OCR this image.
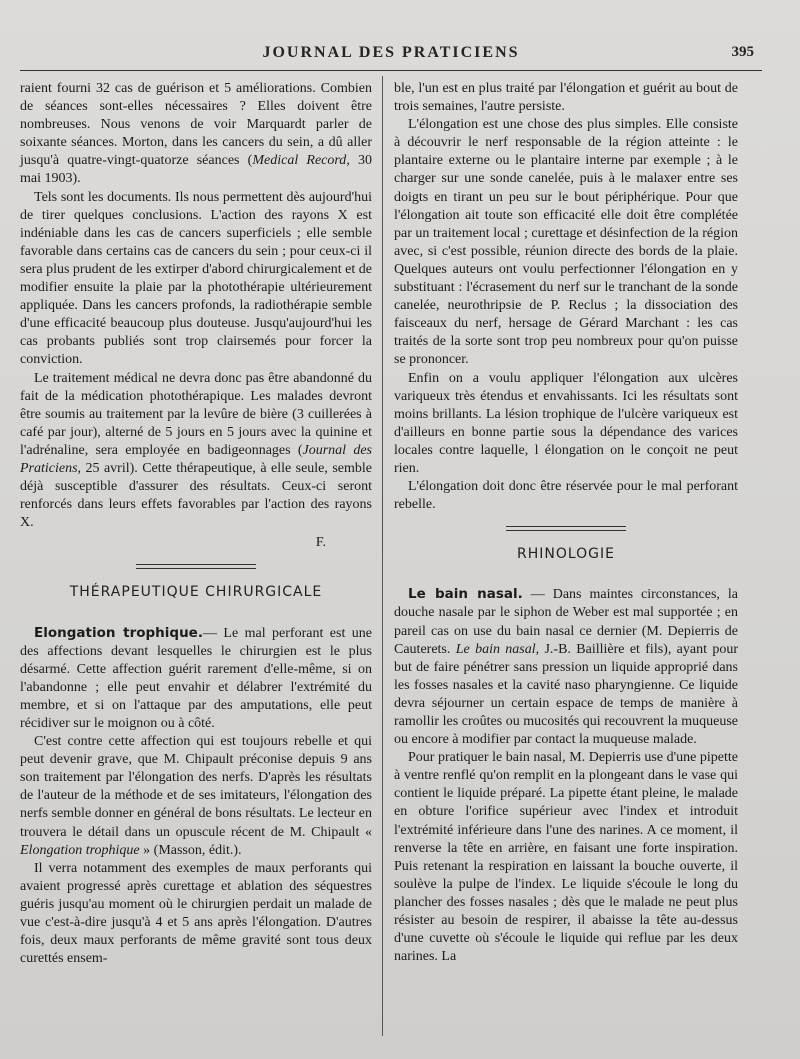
JOURNAL DES PRATICIENS	395

raient fourni 32 cas de guérison et 5 améliorations. Combien de séances sont-elles nécessaires ? Elles doivent être nombreuses. Nous venons de voir Marquardt parler de soixante séances. Morton, dans les cancers du sein, a dû aller jusqu'à quatre-vingt-quatorze séances (Medical Record, 30 mai 1903).

Tels sont les documents. Ils nous permettent dès aujourd'hui de tirer quelques conclusions. L'action des rayons X est indéniable dans les cas de cancers superficiels ; elle semble favorable dans certains cas de cancers du sein ; pour ceux-ci il sera plus prudent de les extirper d'abord chirurgicalement et de modifier ensuite la plaie par la photothérapie ultérieurement appliquée. Dans les cancers profonds, la radiothérapie semble d'une efficacité beaucoup plus douteuse. Jusqu'aujourd'hui les cas probants publiés sont trop clairsemés pour forcer la conviction.

Le traitement médical ne devra donc pas être abandonné du fait de la médication photothérapique. Les malades devront être soumis au traitement par la levûre de bière (3 cuillerées à café par jour), alterné de 5 jours en 5 jours avec la quinine et l'adrénaline, sera employée en badigeonnages (Journal des Praticiens, 25 avril). Cette thérapeutique, à elle seule, semble déjà susceptible d'assurer des résultats. Ceux-ci seront renforcés dans leurs effets favorables par l'action des rayons X.

F.

THÉRAPEUTIQUE CHIRURGICALE

Elongation trophique.— Le mal perforant est une des affections devant lesquelles le chirurgien est le plus désarmé. Cette affection guérit rarement d'elle-même, si on l'abandonne ; elle peut envahir et délabrer l'extrémité du membre, et si on l'attaque par des amputations, elle peut récidiver sur le moignon ou à côté.

C'est contre cette affection qui est toujours rebelle et qui peut devenir grave, que M. Chipault préconise depuis 9 ans son traitement par l'élongation des nerfs. D'après les résultats de l'auteur de la méthode et de ses imitateurs, l'élongation des nerfs semble donner en général de bons résultats. Le lecteur en trouvera le détail dans un opuscule récent de M. Chipault « Elongation trophique » (Masson, édit.).

Il verra notamment des exemples de maux perforants qui avaient progressé après curettage et ablation des séquestres guéris jusqu'au moment où le chirurgien perdait un malade de vue c'est-à-dire jusqu'à 4 et 5 ans après l'élongation. D'autres fois, deux maux perforants de même gravité sont tous deux curettés ensem-

ble, l'un est en plus traité par l'élongation et guérit au bout de trois semaines, l'autre persiste.

L'élongation est une chose des plus simples. Elle consiste à découvrir le nerf responsable de la région atteinte : le plantaire externe ou le plantaire interne par exemple ; à le charger sur une sonde canelée, puis à le malaxer entre ses doigts en tirant un peu sur le bout périphérique. Pour que l'élongation ait toute son efficacité elle doit être complétée par un traitement local ; curettage et désinfection de la région avec, si c'est possible, réunion directe des bords de la plaie. Quelques auteurs ont voulu perfectionner l'élongation en y substituant : l'écrasement du nerf sur le tranchant de la sonde canelée, neurothripsie de P. Reclus ; la dissociation des faisceaux du nerf, hersage de Gérard Marchant : les cas traités de la sorte sont trop peu nombreux pour qu'on puisse se prononcer.

Enfin on a voulu appliquer l'élongation aux ulcères variqueux très étendus et envahissants. Ici les résultats sont moins brillants. La lésion trophique de l'ulcère variqueux est d'ailleurs en bonne partie sous la dépendance des varices locales contre laquelle, l élongation on le conçoit ne peut rien.

L'élongation doit donc être réservée pour le mal perforant rebelle.

RHINOLOGIE

Le bain nasal. — Dans maintes circonstances, la douche nasale par le siphon de Weber est mal supportée ; en pareil cas on use du bain nasal ce dernier (M. Depierris de Cauterets. Le bain nasal, J.-B. Baillière et fils), ayant pour but de faire pénétrer sans pression un liquide approprié dans les fosses nasales et la cavité naso pharyngienne. Ce liquide devra séjourner un certain espace de temps de manière à ramollir les croûtes ou mucosités qui recouvrent la muqueuse ou encore à modifier par contact la muqueuse malade.

Pour pratiquer le bain nasal, M. Depierris use d'une pipette à ventre renflé qu'on remplit en la plongeant dans le vase qui contient le liquide préparé. La pipette étant pleine, le malade en obture l'orifice supérieur avec l'index et introduit l'extrémité inférieure dans l'une des narines. A ce moment, il renverse la tête en arrière, en faisant une forte inspiration. Puis retenant la respiration en laissant la bouche ouverte, il soulève la pulpe de l'index. Le liquide s'écoule le long du plancher des fosses nasales ; dès que le malade ne peut plus résister au besoin de respirer, il abaisse la tête au-dessus d'une cuvette où s'écoule le liquide qui reflue par les deux narines. La
